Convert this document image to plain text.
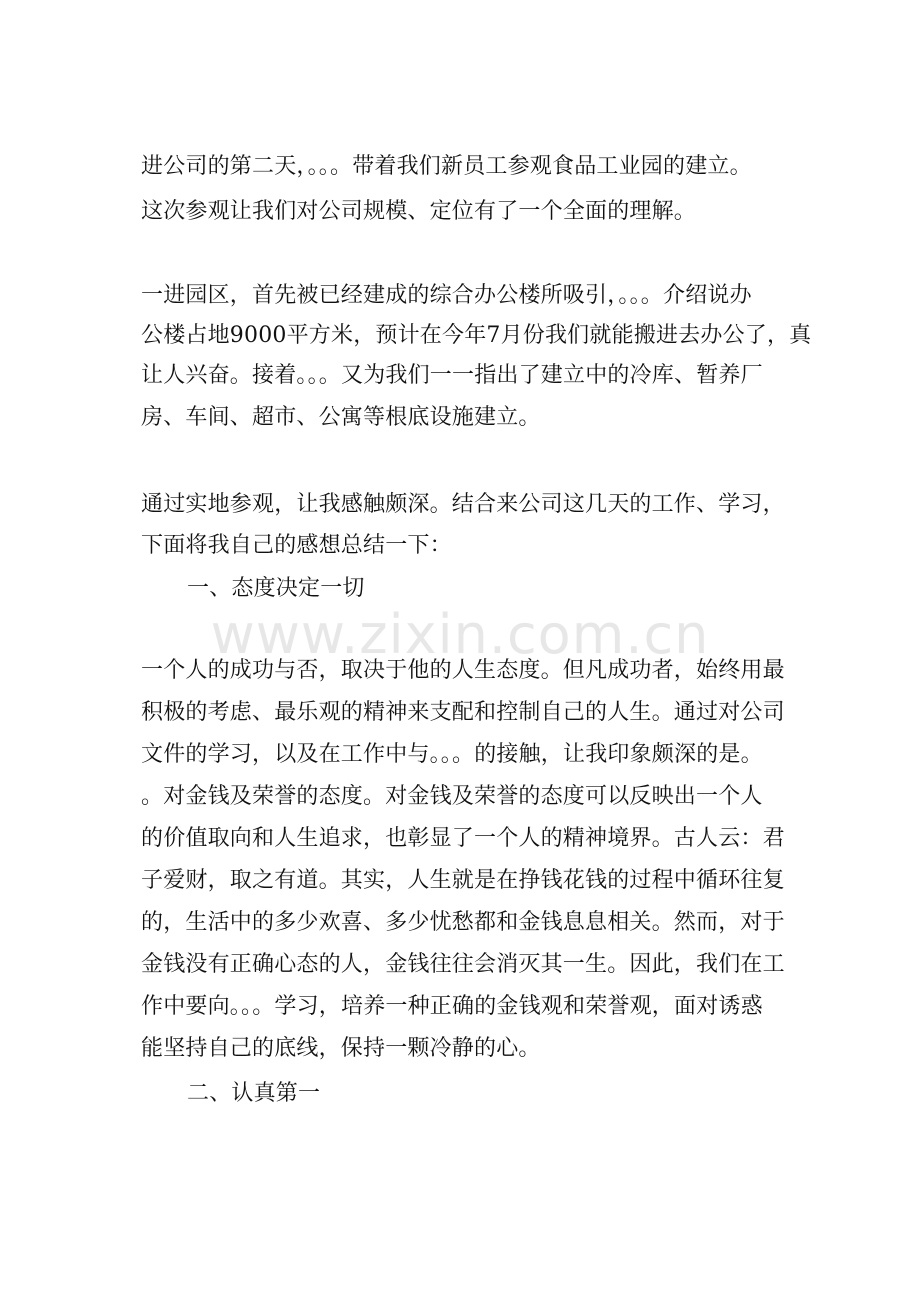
进公司的第二天，。。。带着我们新员工参观食品工业园的建立。
这次参观让我们对公司规模、定位有了一个全面的理解。
一进园区，首先被已经建成的综合办公楼所吸引，。。。介绍说办
公楼占地9000平方米，预计在今年7月份我们就能搬进去办公了，真
让人兴奋。接着。。。又为我们一一指出了建立中的冷库、暂养厂
房、车间、超市、公寓等根底设施建立。
通过实地参观，让我感触颇深。结合来公司这几天的工作、学习，
下面将我自己的感想总结一下：
一、态度决定一切
www.zixin.com.cn
一个人的成功与否，取决于他的人生态度。但凡成功者，始终用最
积极的考虑、最乐观的精神来支配和控制自己的人生。通过对公司
文件的学习，以及在工作中与。。。的接触，让我印象颇深的是。
。对金钱及荣誉的态度。对金钱及荣誉的态度可以反映出一个人
的价值取向和人生追求，也彰显了一个人的精神境界。古人云：君
子爱财，取之有道。其实，人生就是在挣钱花钱的过程中循环往复
的，生活中的多少欢喜、多少忧愁都和金钱息息相关。然而，对于
金钱没有正确心态的人，金钱往往会消灭其一生。因此，我们在工
作中要向。。。学习，培养一种正确的金钱观和荣誉观，面对诱惑
能坚持自己的底线，保持一颗冷静的心。
二、认真第一
